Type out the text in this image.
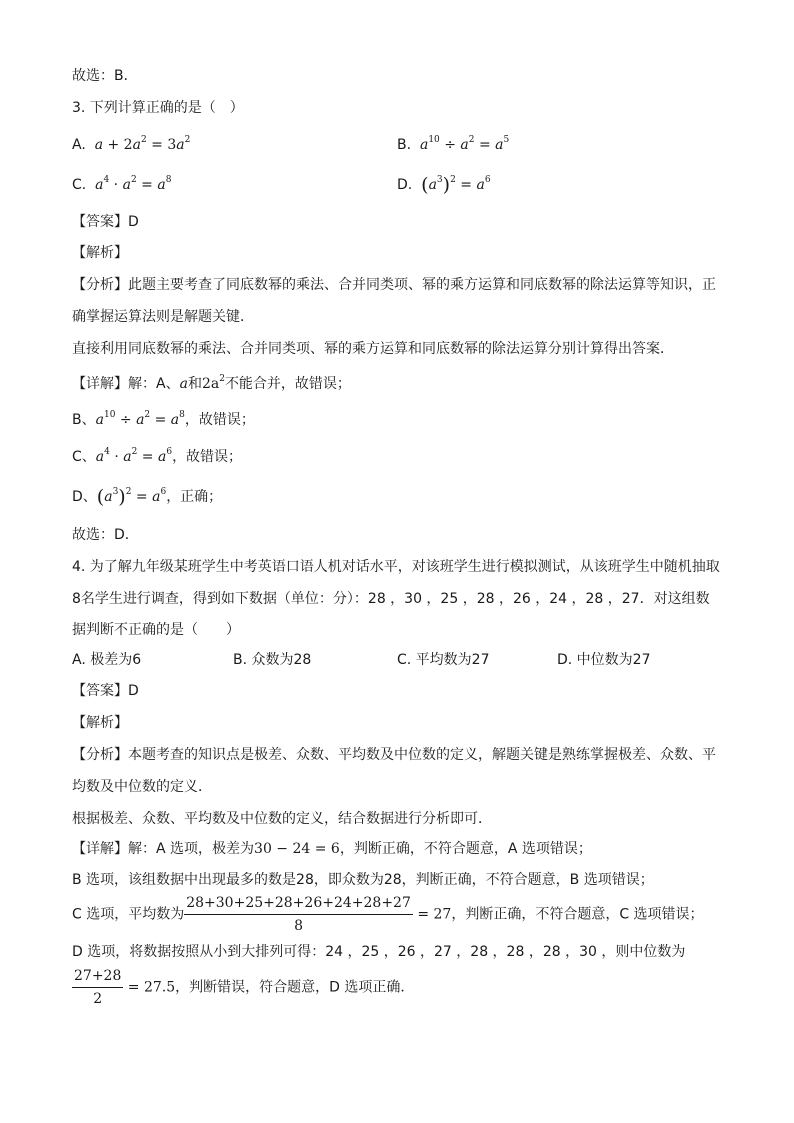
故选：B．
3. 下列计算正确的是（　）
A. $a + 2a^2 = 3a^2$	B. $a^{10} \div a^2 = a^5$
C. $a^4 \cdot a^2 = a^8$	D. $(a^3)^2 = a^6$
【答案】D
【解析】
【分析】此题主要考查了同底数幂的乘法、合并同类项、幂的乘方运算和同底数幂的除法运算等知识，正
确掌握运算法则是解题关键．
直接利用同底数幂的乘法、合并同类项、幂的乘方运算和同底数幂的除法运算分别计算得出答案．
【详解】解：A、a和$2a^2$不能合并，故错误；
B、$a^{10} \div a^2 = a^8$，故错误；
C、$a^4 \cdot a^2 = a^6$，故错误；
D、$(a^3)^2 = a^6$，正确；
故选：D．
4. 为了解九年级某班学生中考英语口语人机对话水平，对该班学生进行模拟测试，从该班学生中随机抽取
8名学生进行调查，得到如下数据（单位：分）：28 ，30 ，25 ，28 ，26 ，24 ，28 ，27．对这组数
据判断不正确的是（　　）
A. 极差为6	B. 众数为28	C. 平均数为27	D. 中位数为27
【答案】D
【解析】
【分析】本题考查的知识点是极差、众数、平均数及中位数的定义，解题关键是熟练掌握极差、众数、平
均数及中位数的定义．
根据极差、众数、平均数及中位数的定义，结合数据进行分析即可．
【详解】解：A 选项，极差为30 − 24 = 6，判断正确，不符合题意，A 选项错误；
B 选项，该组数据中出现最多的数是28，即众数为28，判断正确，不符合题意，B 选项错误；
C 选项，平均数为 $\frac{28+30+25+28+26+24+28+27}{8} = 27$，判断正确，不符合题意，C 选项错误；
D 选项，将数据按照从小到大排列可得：24 ，25 ，26 ，27 ，28 ，28 ，28 ，30 ，则中位数为
$\frac{27+28}{2} = 27.5$，判断错误，符合题意，D 选项正确．
